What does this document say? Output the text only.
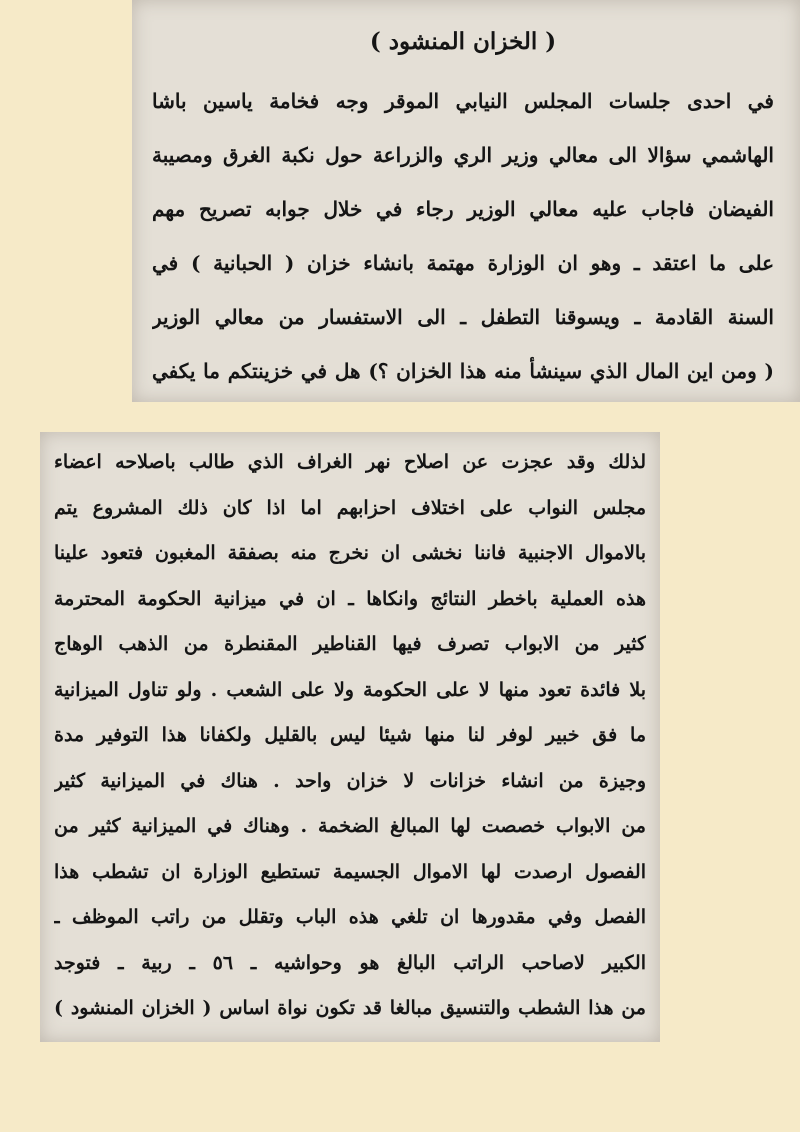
( الخزان المنشود )
في احدى جلسات المجلس النيابي الموقر وجه فخامة ياسين باشا
الهاشمي سؤالا الى معالي وزير الري والزراعة حول نكبة الغرق ومصيبة
الفيضان فاجاب عليه معالي الوزير رجاء في خلال جوابه تصريح مهم
على ما اعتقد ـ وهو ان الوزارة مهتمة بانشاء خزان ( الحبانية ) في
السنة القادمة ـ ويسوقنا التطفل ـ الى الاستفسار من معالي الوزير
( ومن اين المال الذي سينشأ منه هذا الخزان ؟) هل في خزينتكم ما يكفي
لذلك وقد عجزت عن اصلاح نهر الغراف الذي طالب باصلاحه اعضاء
مجلس النواب على اختلاف احزابهم اما اذا كان ذلك المشروع يتم
بالاموال الاجنبية فاننا نخشى ان نخرج منه بصفقة المغبون فتعود علينا
هذه العملية باخطر النتائج وانكاها ـ ان في ميزانية الحكومة المحترمة
كثير من الابواب تصرف فيها القناطير المقنطرة من الذهب الوهاج
بلا فائدة تعود منها لا على الحكومة ولا على الشعب . ولو تناول الميزانية
ما فق خبير لوفر لنا منها شيئا ليس بالقليل ولكفانا هذا التوفير مدة
وجيزة من انشاء خزانات لا خزان واحد . هناك في الميزانية كثير
من الابواب خصصت لها المبالغ الضخمة . وهناك في الميزانية كثير من
الفصول ارصدت لها الاموال الجسيمة تستطيع الوزارة ان تشطب هذا
الفصل وفي مقدورها ان تلغي هذه الباب وتقلل من راتب الموظف ـ
الكبير لاصاحب الراتب البالغ هو وحواشيه ـ ٥٦ ـ ربية ـ فتوجد
من هذا الشطب والتنسيق مبالغا قد تكون نواة اساس ( الخزان المنشود )
